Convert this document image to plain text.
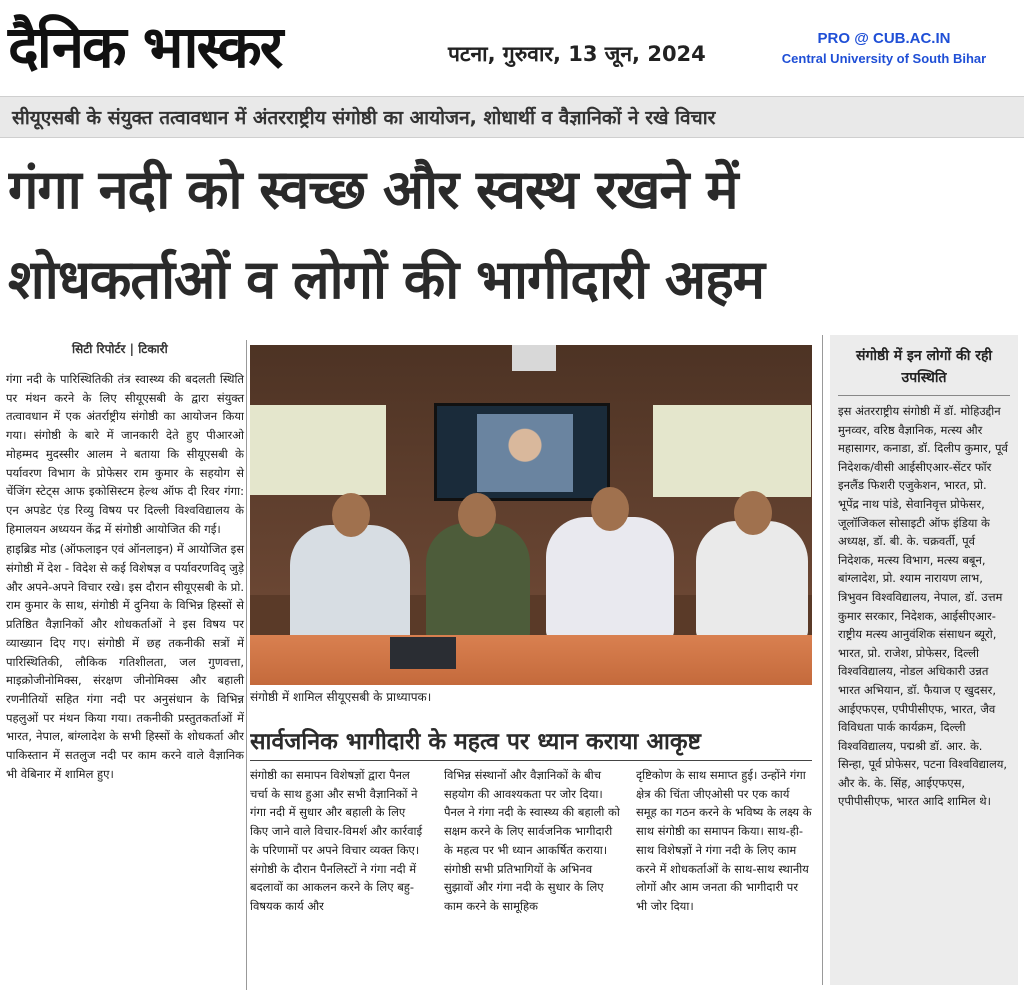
दैनिक भास्कर	पटना, गुरुवार, 13 जून, 2024
PRO @ CUB.AC.IN
Central University of South Bihar
सीयूएसबी के संयुक्त तत्वावधान में अंतरराष्ट्रीय संगोष्ठी का आयोजन, शोधार्थी व वैज्ञानिकों ने रखे विचार
गंगा नदी को स्वच्छ और स्वस्थ रखने में
शोधकर्ताओं व लोगों की भागीदारी अहम
सिटी रिपोर्टर | टिकारी

गंगा नदी के पारिस्थितिकी तंत्र स्वास्थ्य की बदलती स्थिति पर मंथन करने के लिए सीयूएसबी के द्वारा संयुक्त तत्वावधान में एक अंतर्राष्ट्रीय संगोष्ठी का आयोजन किया गया। संगोष्ठी के बारे में जानकारी देते हुए पीआरओ मोहम्मद मुदस्सीर आलम ने बताया कि सीयूएसबी के पर्यावरण विभाग के प्रोफेसर राम कुमार के सहयोग से चेंजिंग स्टेट्स आफ इकोसिस्टम हेल्थ ऑफ दी रिवर गंगा: एन अपडेट एंड रिव्यु विषय पर दिल्ली विश्वविद्यालय के हिमालयन अध्ययन केंद्र में संगोष्ठी आयोजित की गई।

हाइब्रिड मोड (ऑफलाइन एवं ऑनलाइन) में आयोजित इस संगोष्ठी में देश - विदेश से कई विशेषज्ञ व पर्यावरणविद् जुड़े और अपने-अपने विचार रखे। इस दौरान सीयूएसबी के प्रो. राम कुमार के साथ, संगोष्ठी में दुनिया के विभिन्न हिस्सों से प्रतिष्ठित वैज्ञानिकों और शोधकर्ताओं ने इस विषय पर व्याख्यान दिए गए। संगोष्ठी में छह तकनीकी सत्रों में पारिस्थितिकी, लौकिक गतिशीलता, जल गुणवत्ता, माइक्रोजीनोमिक्स, संरक्षण जीनोमिक्स और बहाली रणनीतियों सहित गंगा नदी पर अनुसंधान के विभिन्न पहलुओं पर मंथन किया गया। तकनीकी प्रस्तुतकर्ताओं में भारत, नेपाल, बांग्लादेश के सभी हिस्सों के शोधकर्ता और पाकिस्तान में सतलुज नदी पर काम करने वाले वैज्ञानिक भी वेबिनार में शामिल हुए।

संगोष्ठी में शामिल सीयूएसबी के प्राध्यापक।
सार्वजनिक भागीदारी के महत्व पर ध्यान कराया आकृष्ट
संगोष्ठी का समापन विशेषज्ञों द्वारा पैनल चर्चा के साथ हुआ और सभी वैज्ञानिकों ने गंगा नदी में सुधार और बहाली के लिए किए जाने वाले विचार-विमर्श और कार्रवाई के परिणामों पर अपने विचार व्यक्त किए। संगोष्ठी के दौरान पैनलिस्टों ने गंगा नदी में बदलावों का आकलन करने के लिए बहु-विषयक कार्य और
विभिन्न संस्थानों और वैज्ञानिकों के बीच सहयोग की आवश्यकता पर जोर दिया। पैनल ने गंगा नदी के स्वास्थ्य की बहाली को सक्षम करने के लिए सार्वजनिक भागीदारी के महत्व पर भी ध्यान आकर्षित कराया। संगोष्ठी सभी प्रतिभागियों के अभिनव सुझावों और गंगा नदी के सुधार के लिए काम करने के सामूहिक
दृष्टिकोण के साथ समाप्त हुई। उन्होंने गंगा क्षेत्र की चिंता जीएओसी पर एक कार्य समूह का गठन करने के भविष्य के लक्ष्य के साथ संगोष्ठी का समापन किया। साथ-ही-साथ विशेषज्ञों ने गंगा नदी के लिए काम करने में शोधकर्ताओं के साथ-साथ स्थानीय लोगों और आम जनता की भागीदारी पर भी जोर दिया।
संगोष्ठी में इन लोगों की रही उपस्थिति
इस अंतरराष्ट्रीय संगोष्ठी में डॉ. मोहिउद्दीन मुनव्वर, वरिष्ठ वैज्ञानिक, मत्स्य और महासागर, कनाडा, डॉ. दिलीप कुमार, पूर्व निदेशक/वीसी आईसीएआर-सेंटर फॉर इनलैंड फिशरी एजुकेशन, भारत, प्रो. भूपेंद्र नाथ पांडे, सेवानिवृत्त प्रोफेसर, जूलॉजिकल सोसाइटी ऑफ इंडिया के अध्यक्ष, डॉ. बी. के. चक्रवर्ती, पूर्व निदेशक, मत्स्य विभाग, मत्स्य बबून, बांग्लादेश, प्रो. श्याम नारायण लाभ, त्रिभुवन विश्वविद्यालय, नेपाल, डॉ. उत्तम कुमार सरकार, निदेशक, आईसीएआर- राष्ट्रीय मत्स्य आनुवंशिक संसाधन ब्यूरो, भारत, प्रो. राजेश, प्रोफेसर, दिल्ली विश्वविद्यालय, नोडल अधिकारी उन्नत भारत अभियान, डॉ. फैयाज ए खुदसर, आईएफएस, एपीपीसीएफ, भारत, जैव विविधता पार्क कार्यक्रम, दिल्ली विश्वविद्यालय, पद्मश्री डॉ. आर. के. सिन्हा, पूर्व प्रोफेसर, पटना विश्वविद्यालय, और के. के. सिंह, आईएफएस, एपीपीसीएफ, भारत आदि शामिल थे।
